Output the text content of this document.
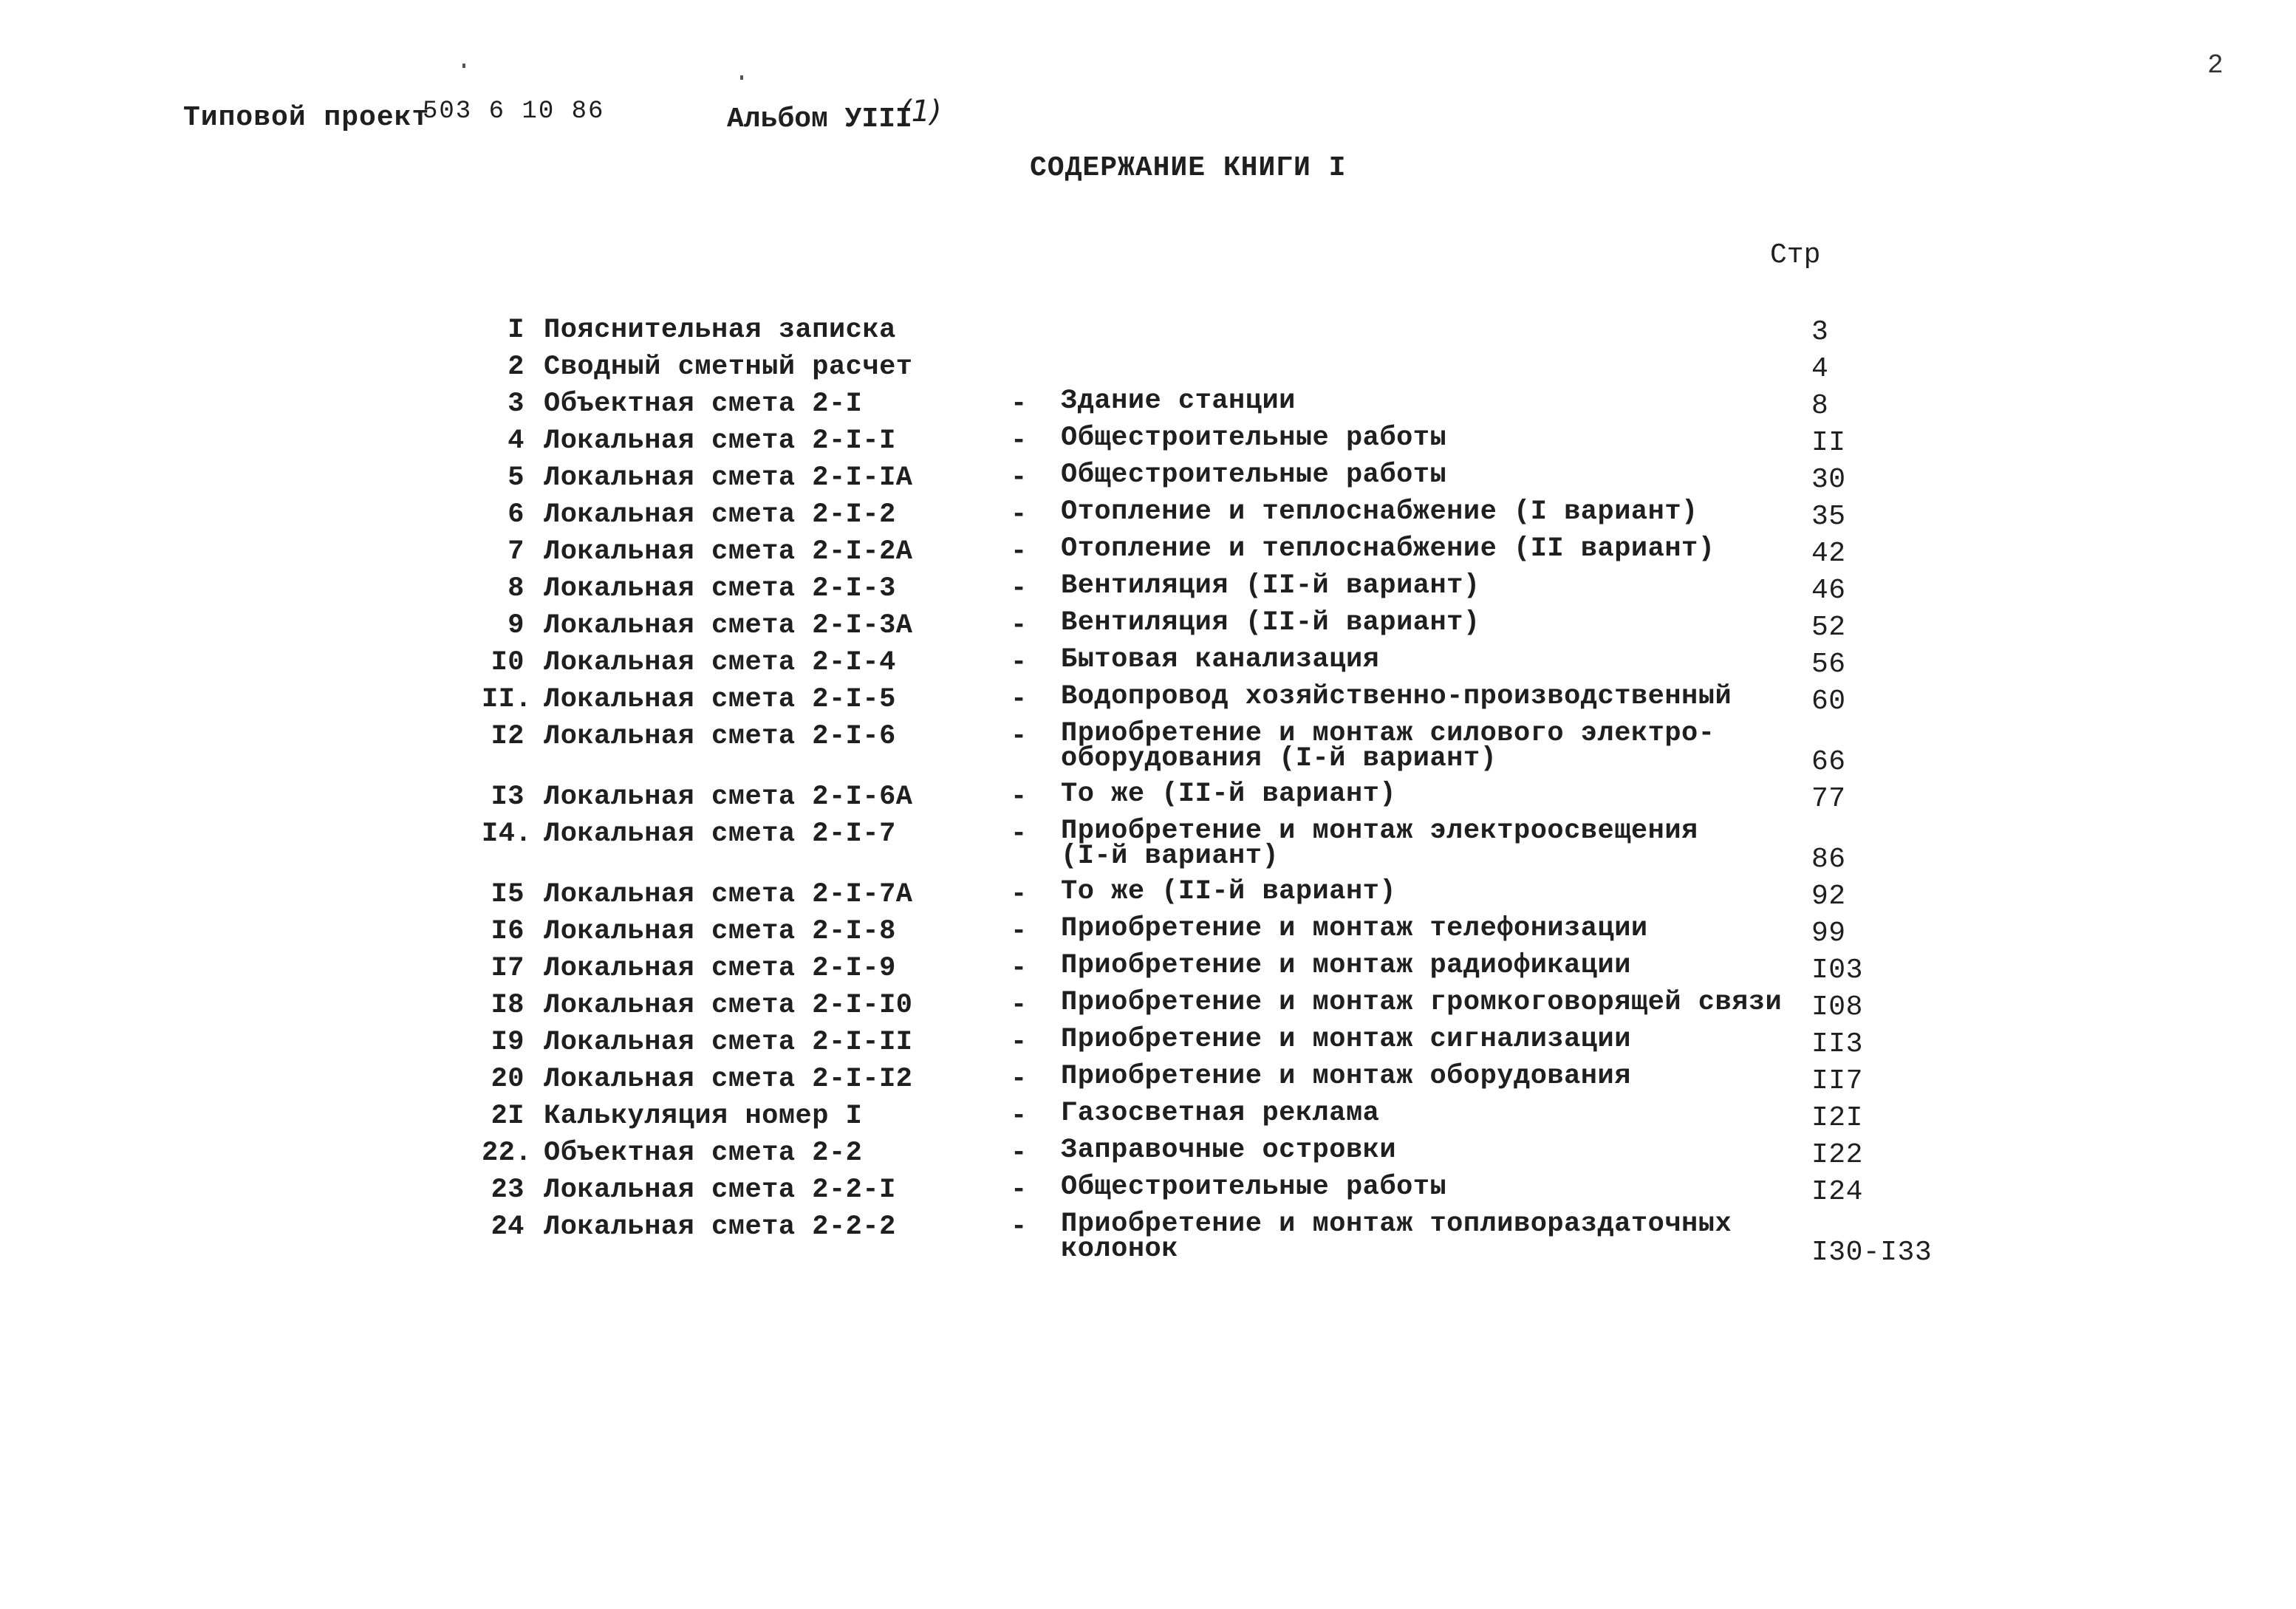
2
Типовой проект
503 6 10 86	Альбом УIII
(1)
СОДЕРЖАНИЕ КНИГИ I
Стр
I Пояснительная записка	3
2 Сводный сметный расчет	4
3 Объектная смета 2-I	- Здание станции	8
4 Локальная смета 2-I-I	- Общестроительные работы	II
5 Локальная смета 2-I-IA	- Общестроительные работы	30
6 Локальная смета 2-I-2	- Отопление и теплоснабжение (I вариант)	35
7 Локальная смета 2-I-2A	- Отопление и теплоснабжение (II вариант)	42
8 Локальная смета 2-I-3	- Вентиляция (II-й вариант)	46
9 Локальная смета 2-I-3A	- Вентиляция (II-й вариант)	52
I0 Локальная смета 2-I-4	- Бытовая канализация	56
II. Локальная смета 2-I-5	- Водопровод хозяйственно-производственный	60
I2 Локальная смета 2-I-6	- Приобретение и монтаж силового электро-
оборудования (I-й вариант)	66
I3 Локальная смета 2-I-6A	- То же (II-й вариант)	77
I4. Локальная смета 2-I-7	- Приобретение и монтаж электроосвещения
(I-й вариант)	86
I5 Локальная смета 2-I-7A	- То же (II-й вариант)	92
I6 Локальная смета 2-I-8	- Приобретение и монтаж телефонизации	99
I7 Локальная смета 2-I-9	- Приобретение и монтаж радиофикации	I03
I8 Локальная смета 2-I-I0	- Приобретение и монтаж громкоговорящей связи I08
I9 Локальная смета 2-I-II	- Приобретение и монтаж сигнализации	II3
20 Локальная смета 2-I-I2	- Приобретение и монтаж оборудования	II7
2I Калькуляция номер I	- Газосветная реклама	I2I
22. Объектная смета 2-2	- Заправочные островки	I22
23 Локальная смета 2-2-I	- Общестроительные работы	I24
24 Локальная смета 2-2-2	- Приобретение и монтаж топливораздаточных
колонок	I30-I33
